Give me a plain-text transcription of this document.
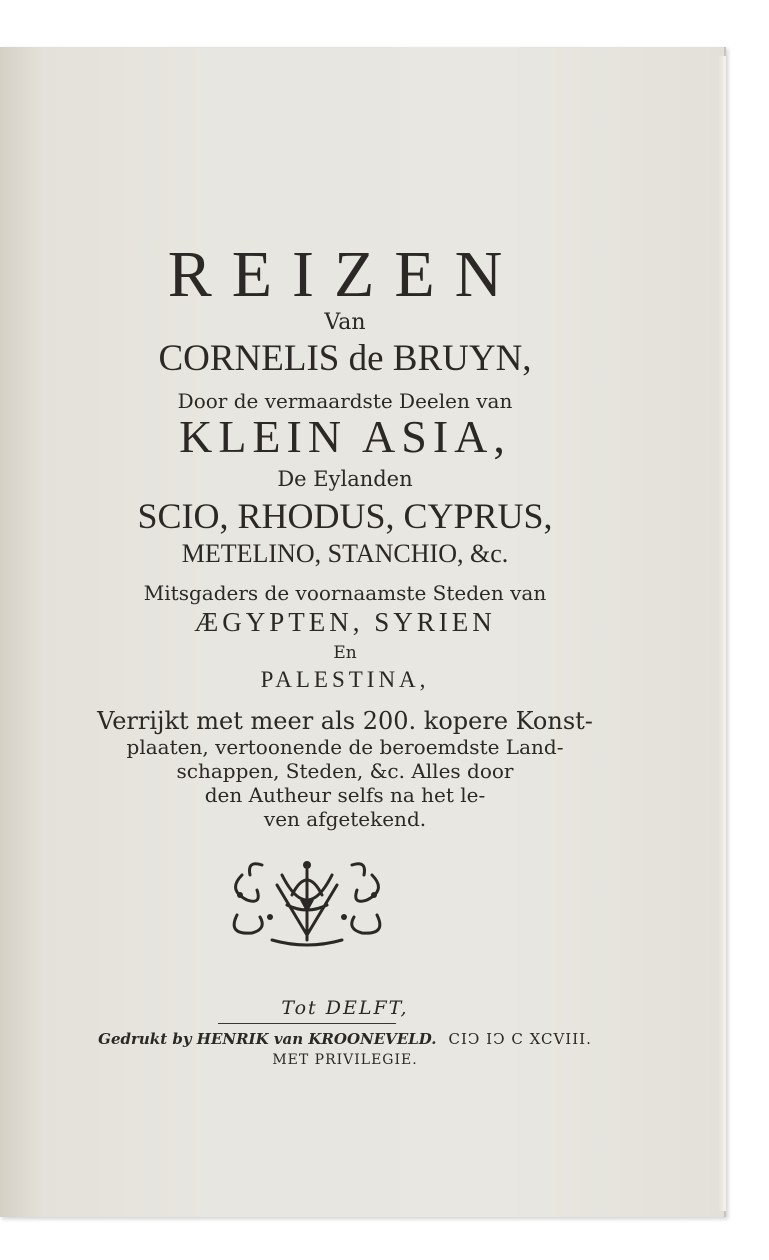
REIZEN
Van
CORNELIS de BRUYN,
Door de vermaardste Deelen van
KLEIN ASIA,
De Eylanden
SCIO, RHODUS, CYPRUS,
METELINO, STANCHIO, &c.
Mitsgaders de voornaamste Steden van
ÆGYPTEN, SYRIEN
En
PALESTINA,
Verrijkt met meer als 200. kopere Konst-
plaaten, vertoonende de beroemdste Land-
schappen, Steden, &c. Alles door
den Autheur selfs na het le-
ven afgetekend.
Tot DELFT,
Gedrukt by HENRIK van KROONEVELD. CIↃ IↃ C XCVIII.
MET PRIVILEGIE.
